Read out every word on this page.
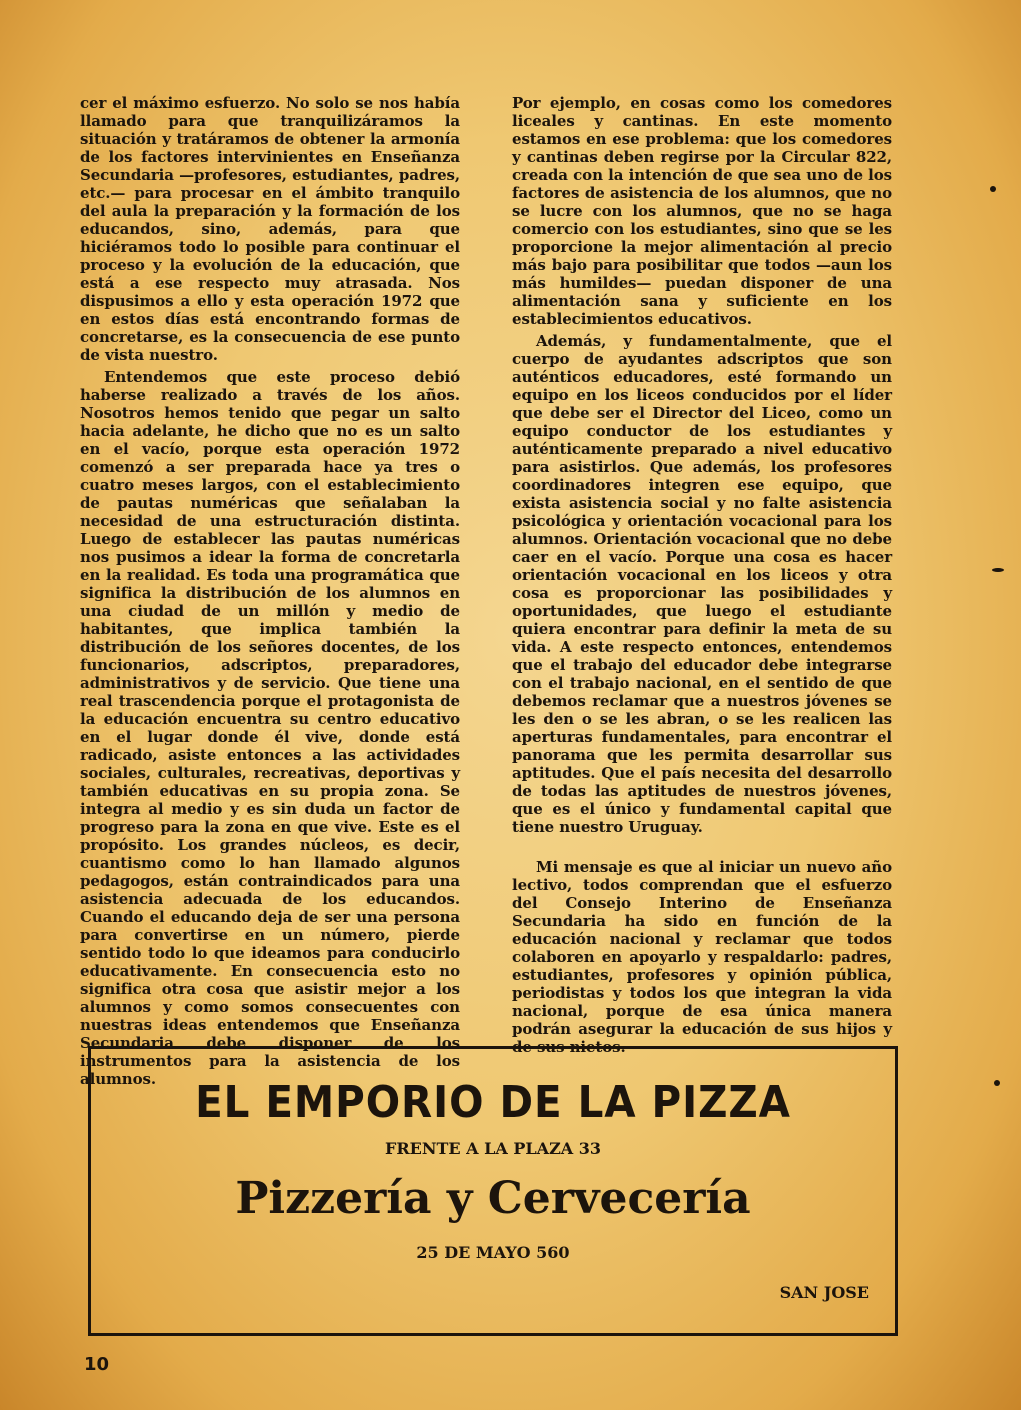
cer el máximo esfuerzo. No solo se nos había llamado para que tranquilizáramos la situación y tratáramos de obtener la armonía de los factores intervinientes en Enseñanza Secundaria —profesores, estudiantes, padres, etc.— para procesar en el ámbito tranquilo del aula la preparación y la formación de los educandos, sino, además, para que hiciéramos todo lo posible para continuar el proceso y la evolución de la educación, que está a ese respecto muy atrasada. Nos dispusimos a ello y esta operación 1972 que en estos días está encontrando formas de concretarse, es la consecuencia de ese punto de vista nuestro.

Entendemos que este proceso debió haberse realizado a través de los años. Nosotros hemos tenido que pegar un salto hacia adelante, he dicho que no es un salto en el vacío, porque esta operación 1972 comenzó a ser preparada hace ya tres o cuatro meses largos, con el establecimiento de pautas numéricas que señalaban la necesidad de una estructuración distinta. Luego de establecer las pautas numéricas nos pusimos a idear la forma de concretarla en la realidad. Es toda una programática que significa la distribución de los alumnos en una ciudad de un millón y medio de habitantes, que implica también la distribución de los señores docentes, de los funcionarios, adscriptos, preparadores, administrativos y de servicio. Que tiene una real trascendencia porque el protagonista de la educación encuentra su centro educativo en el lugar donde él vive, donde está radicado, asiste entonces a las actividades sociales, culturales, recreativas, deportivas y también educativas en su propia zona. Se integra al medio y es sin duda un factor de progreso para la zona en que vive. Este es el propósito. Los grandes núcleos, es decir, cuantismo como lo han llamado algunos pedagogos, están contraindicados para una asistencia adecuada de los educandos. Cuando el educando deja de ser una persona para convertirse en un número, pierde sentido todo lo que ideamos para conducirlo educativamente. En consecuencia esto no significa otra cosa que asistir mejor a los alumnos y como somos consecuentes con nuestras ideas entendemos que Enseñanza Secundaria debe disponer de los instrumentos para la asistencia de los alumnos.

Por ejemplo, en cosas como los comedores liceales y cantinas. En este momento estamos en ese problema: que los comedores y cantinas deben regirse por la Circular 822, creada con la intención de que sea uno de los factores de asistencia de los alumnos, que no se lucre con los alumnos, que no se haga comercio con los estudiantes, sino que se les proporcione la mejor alimentación al precio más bajo para posibilitar que todos —aun los más humildes— puedan disponer de una alimentación sana y suficiente en los establecimientos educativos.

Además, y fundamentalmente, que el cuerpo de ayudantes adscriptos que son auténticos educadores, esté formando un equipo en los liceos conducidos por el líder que debe ser el Director del Liceo, como un equipo conductor de los estudiantes y auténticamente preparado a nivel educativo para asistirlos. Que además, los profesores coordinadores integren ese equipo, que exista asistencia social y no falte asistencia psicológica y orientación vocacional para los alumnos. Orientación vocacional que no debe caer en el vacío. Porque una cosa es hacer orientación vocacional en los liceos y otra cosa es proporcionar las posibilidades y oportunidades, que luego el estudiante quiera encontrar para definir la meta de su vida. A este respecto entonces, entendemos que el trabajo del educador debe integrarse con el trabajo nacional, en el sentido de que debemos reclamar que a nuestros jóvenes se les den o se les abran, o se les realicen las aperturas fundamentales, para encontrar el panorama que les permita desarrollar sus aptitudes. Que el país necesita del desarrollo de todas las aptitudes de nuestros jóvenes, que es el único y fundamental capital que tiene nuestro Uruguay.

Mi mensaje es que al iniciar un nuevo año lectivo, todos comprendan que el esfuerzo del Consejo Interino de Enseñanza Secundaria ha sido en función de la educación nacional y reclamar que todos colaboren en apoyarlo y respaldarlo: padres, estudiantes, profesores y opinión pública, periodistas y todos los que integran la vida nacional, porque de esa única manera podrán asegurar la educación de sus hijos y de sus nietos.

EL EMPORIO DE LA PIZZA
FRENTE A LA PLAZA 33
Pizzería y Cervecería
25 DE MAYO 560
SAN JOSE
10
